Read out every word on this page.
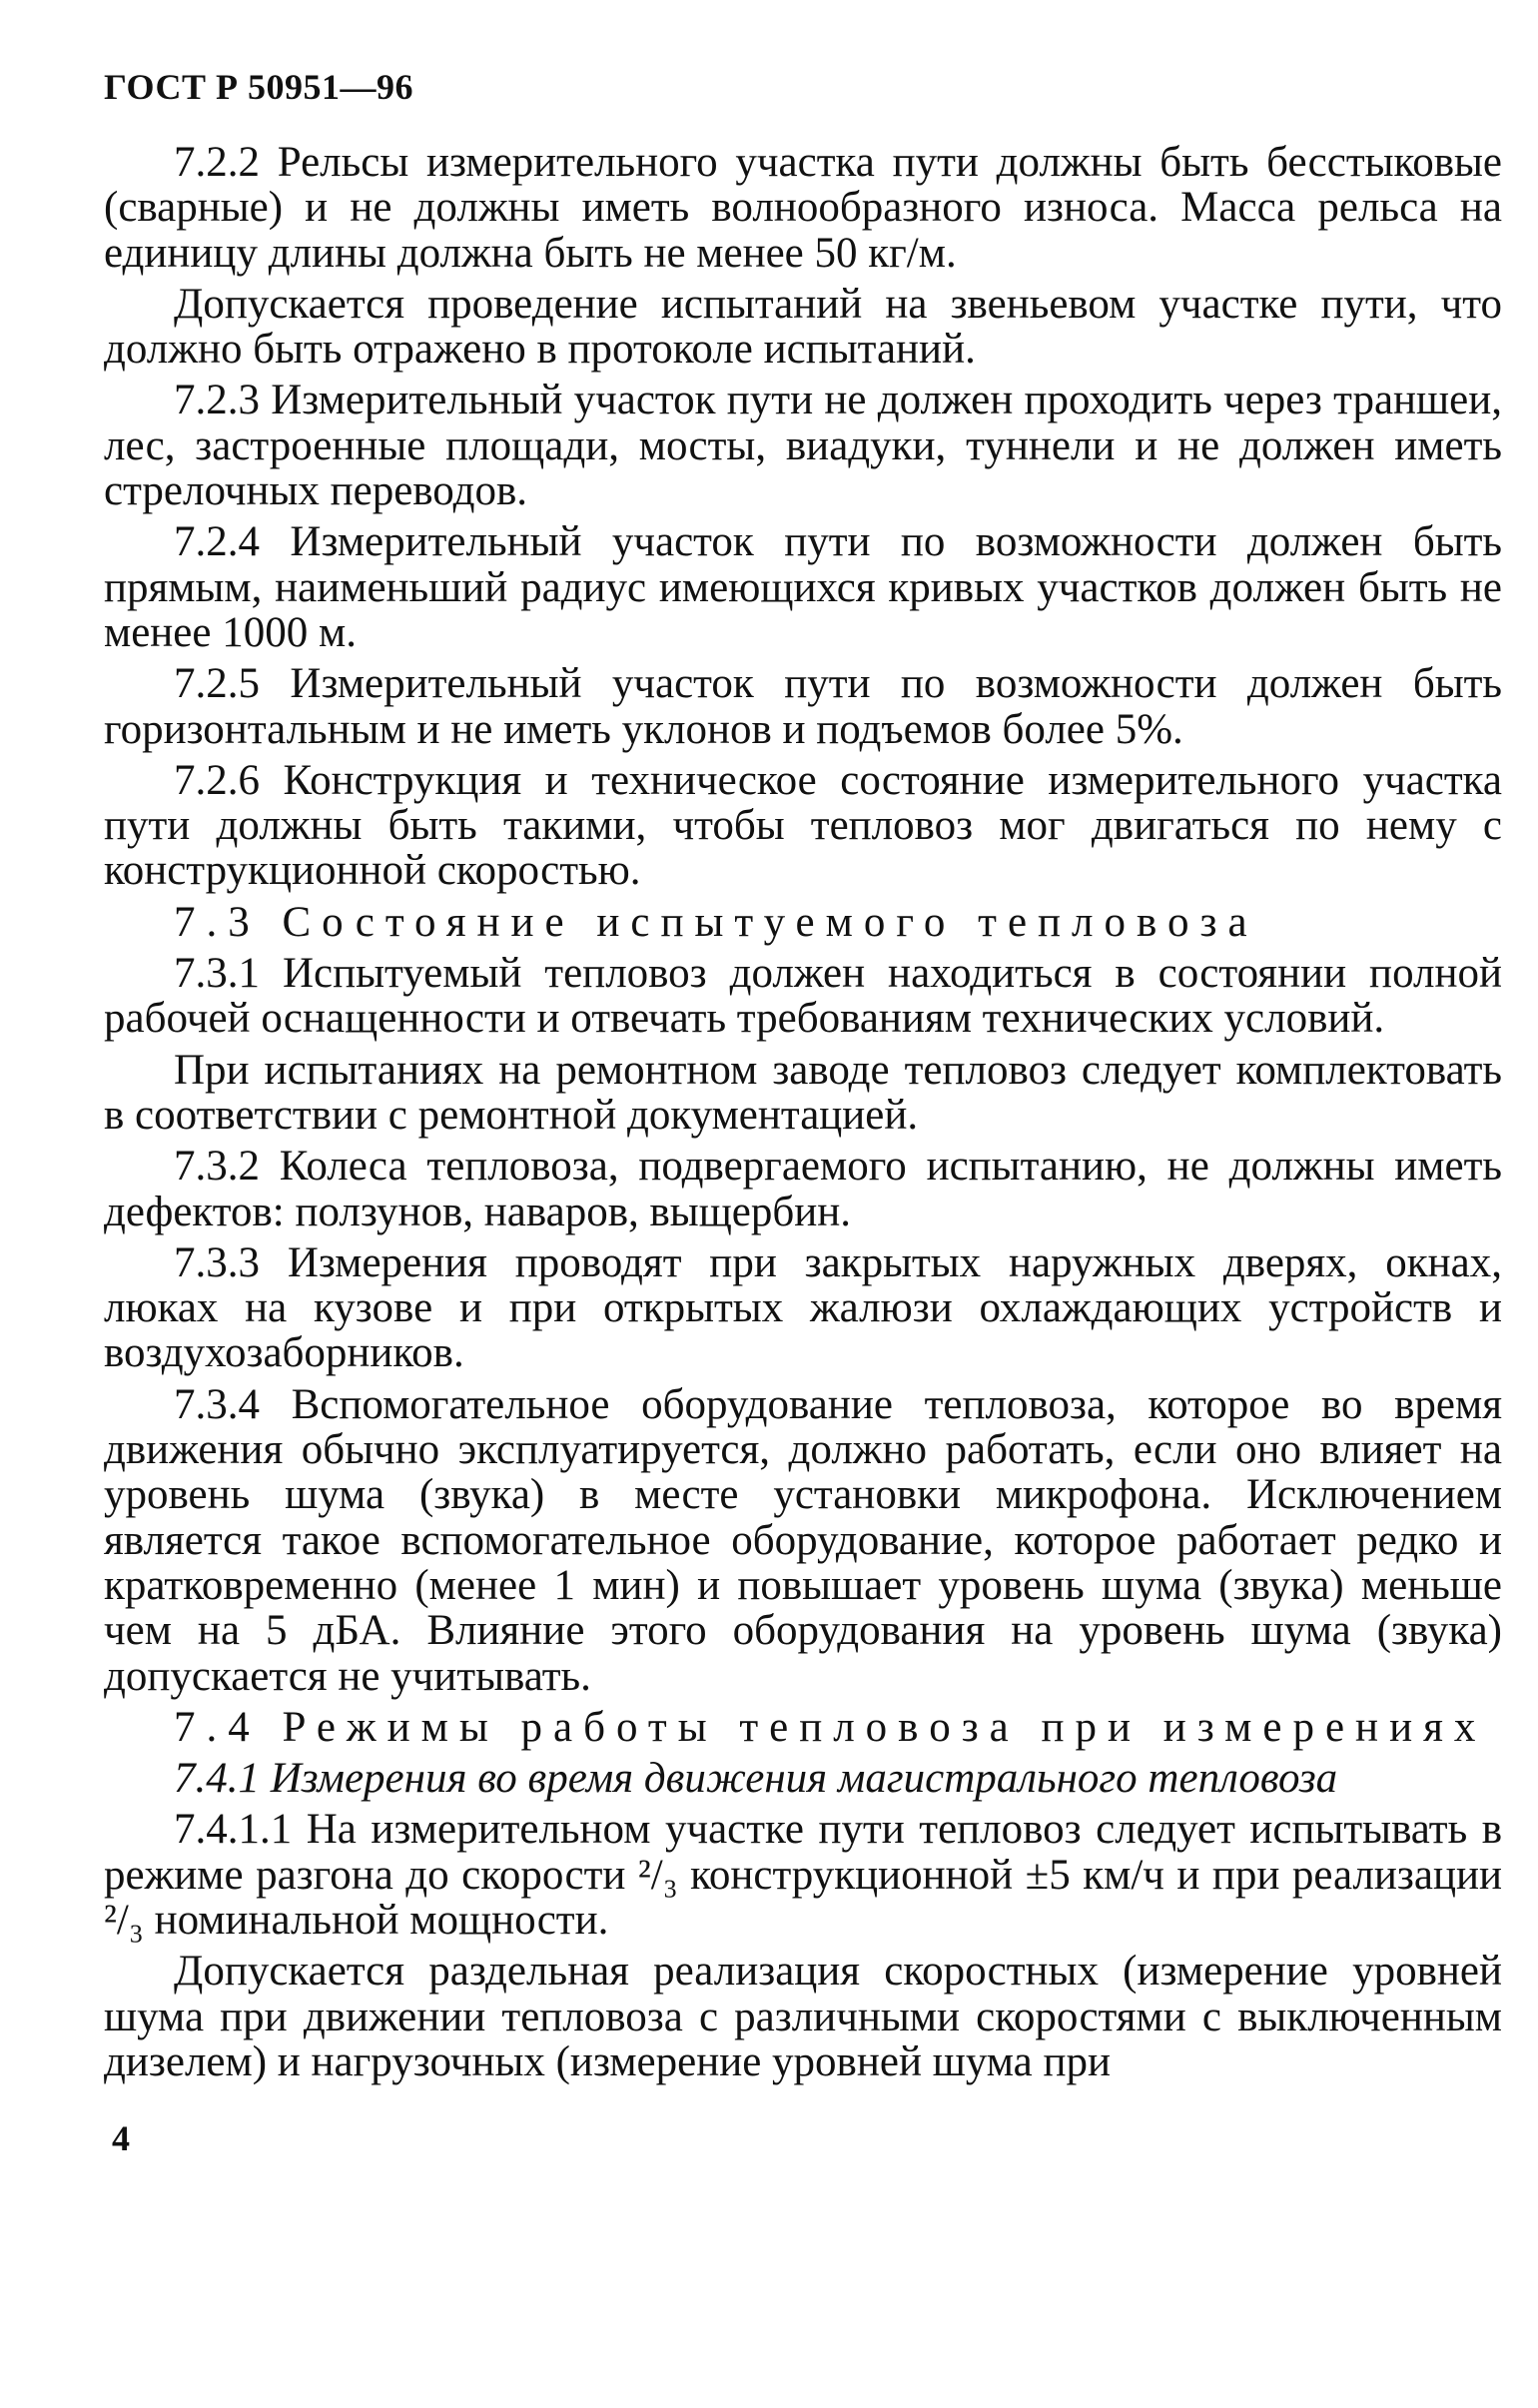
ГОСТ Р 50951—96

7.2.2 Рельсы измерительного участка пути должны быть бесстыковые (сварные) и не должны иметь волнообразного износа. Масса рельса на единицу длины должна быть не менее 50 кг/м.

Допускается проведение испытаний на звеньевом участке пути, что должно быть отражено в протоколе испытаний.

7.2.3 Измерительный участок пути не должен проходить через траншеи, лес, застроенные площади, мосты, виадуки, туннели и не должен иметь стрелочных переводов.

7.2.4 Измерительный участок пути по возможности должен быть прямым, наименьший радиус имеющихся кривых участков должен быть не менее 1000 м.

7.2.5 Измерительный участок пути по возможности должен быть горизонтальным и не иметь уклонов и подъемов более 5%.

7.2.6 Конструкция и техническое состояние измерительного участка пути должны быть такими, чтобы тепловоз мог двигаться по нему с конструкционной скоростью.

7.3 Состояние испытуемого тепловоза

7.3.1 Испытуемый тепловоз должен находиться в состоянии полной рабочей оснащенности и отвечать требованиям технических условий.

При испытаниях на ремонтном заводе тепловоз следует комплектовать в соответствии с ремонтной документацией.

7.3.2 Колеса тепловоза, подвергаемого испытанию, не должны иметь дефектов: ползунов, наваров, выщербин.

7.3.3 Измерения проводят при закрытых наружных дверях, окнах, люках на кузове и при открытых жалюзи охлаждающих устройств и воздухозаборников.

7.3.4 Вспомогательное оборудование тепловоза, которое во время движения обычно эксплуатируется, должно работать, если оно влияет на уровень шума (звука) в месте установки микрофона. Исключением является такое вспомогательное оборудование, которое работает редко и кратковременно (менее 1 мин) и повышает уровень шума (звука) меньше чем на 5 дБА. Влияние этого оборудования на уровень шума (звука) допускается не учитывать.

7.4 Режимы работы тепловоза при измерениях

7.4.1 Измерения во время движения магистрального тепловоза

7.4.1.1 На измерительном участке пути тепловоз следует испытывать в режиме разгона до скорости ²/₃ конструкционной ±5 км/ч и при реализации ²/₃ номинальной мощности.

Допускается раздельная реализация скоростных (измерение уровней шума при движении тепловоза с различными скоростями с выключенным дизелем) и нагрузочных (измерение уровней шума при

4
